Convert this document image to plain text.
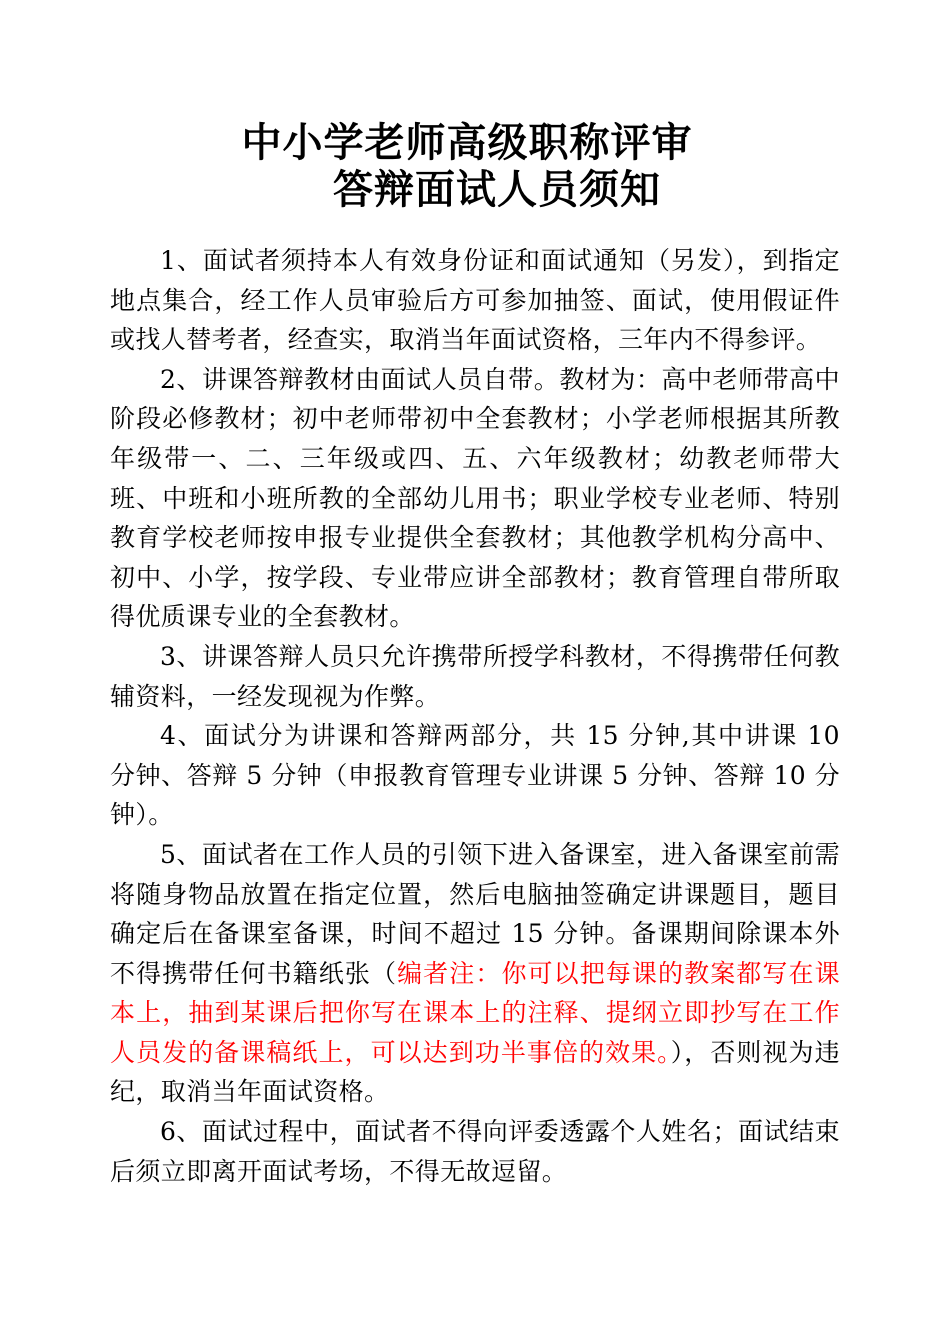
中小学老师高级职称评审
答辩面试人员须知

1、面试者须持本人有效身份证和面试通知（另发），到指定地点集合，经工作人员审验后方可参加抽签、面试，使用假证件或找人替考者，经查实，取消当年面试资格，三年内不得参评。

2、讲课答辩教材由面试人员自带。教材为：高中老师带高中阶段必修教材；初中老师带初中全套教材；小学老师根据其所教年级带一、二、三年级或四、五、六年级教材；幼教老师带大班、中班和小班所教的全部幼儿用书；职业学校专业老师、特别教育学校老师按申报专业提供全套教材；其他教学机构分高中、初中、小学，按学段、专业带应讲全部教材；教育管理自带所取得优质课专业的全套教材。

3、讲课答辩人员只允许携带所授学科教材，不得携带任何教辅资料，一经发现视为作弊。

4、面试分为讲课和答辩两部分，共 15 分钟,其中讲课 10 分钟、答辩 5 分钟（申报教育管理专业讲课 5 分钟、答辩 10 分钟）。

5、面试者在工作人员的引领下进入备课室，进入备课室前需将随身物品放置在指定位置，然后电脑抽签确定讲课题目，题目确定后在备课室备课，时间不超过 15 分钟。备课期间除课本外不得携带任何书籍纸张（编者注：你可以把每课的教案都写在课本上，抽到某课后把你写在课本上的注释、提纲立即抄写在工作人员发的备课稿纸上，可以达到功半事倍的效果。），否则视为违纪，取消当年面试资格。

6、面试过程中，面试者不得向评委透露个人姓名；面试结束后须立即离开面试考场，不得无故逗留。
